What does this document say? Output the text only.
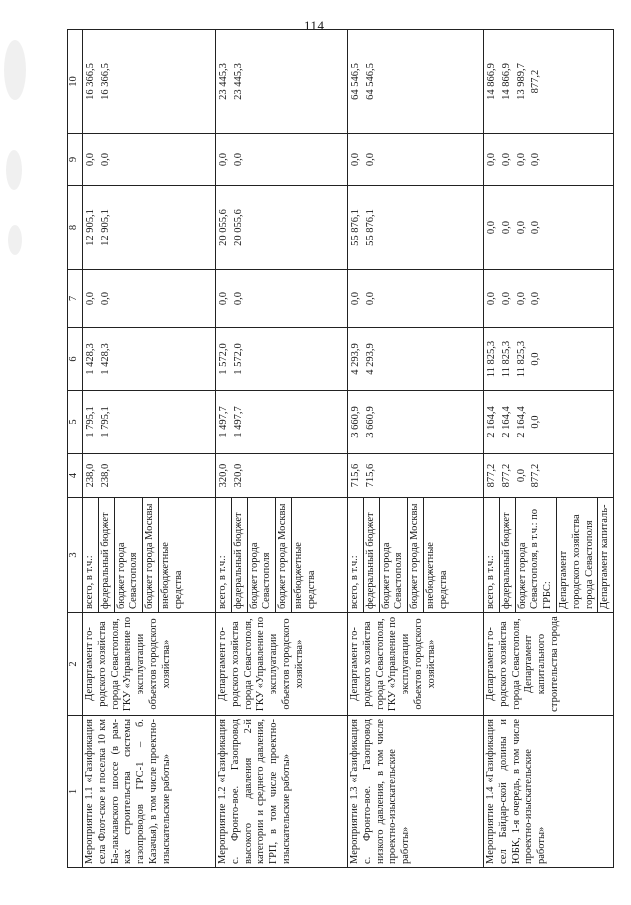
114
1	2	3	4	5	6	7	8	9	10
Мероприятие 1.1 «Газификация села Флот-ское и поселка 10 км Ба-лаклавского шоссе (в рам-ках строительства системы газопроводов ГРС-1 – б. Казачья), в том числе проектно-изыскательские работы»	Департамент го-родского хозяйства города Севастополя, ГКУ «Управление по эксплуатации объектов городского хозяйства»	всего, в т.ч.: федеральный бюджет бюджет города Севастополя бюджет города Москвы внебюджетные средства	238,0 238,0	1 795,1 1 795,1	1 428,3 1 428,3	0,0 0,0	12 905,1 12 905,1	0,0 0,0	16 366,5 16 366,5

Мероприятие 1.2 «Газификация с. Фронто-вое. Газопровод высокого давления 2-й категории и среднего давления, ГРП, в том числе проектно-изыскательские работы»	Департамент го-родского хозяйства города Севастополя, ГКУ «Управление по эксплуатации объектов городского хозяйства»	всего, в т.ч.: федеральный бюджет бюджет города Севастополя бюджет города Москвы внебюджетные средства	320,0 320,0	1 497,7 1 497,7	1 572,0 1 572,0	0,0 0,0	20 055,6 20 055,6	0,0 0,0	23 445,3 23 445,3

Мероприятие 1.3 «Газификация с. Фронто-вое. Газопровод низкого давления, в том числе проектно-изыскательские работы»	Департамент го-родского хозяйства города Севастополя, ГКУ «Управление по эксплуатации объектов городского хозяйства»	всего, в т.ч.: федеральный бюджет бюджет города Севастополя бюджет города Москвы внебюджетные средства	715,6 715,6	3 660,9 3 660,9	4 293,9 4 293,9	0,0 0,0	55 876,1 55 876,1	0,0 0,0	64 546,5 64 546,5

Мероприятие 1.4 «Газификация сел Байдар-ской долины и ЮБК, 1-я очередь, в том числе проектно-изыскательские работы»	Департамент го-родского хозяйства города Севастополя, Департамент капитального строительства города	всего, в т.ч.: федеральный бюджет бюджет города Севастополя, в т.ч.: по ГРБС: Департамент городского хозяйства города Севастополя Департамент капиталь-	877,2 877,2 0,0 877,2	2 164,4 2 164,4 2 164,4 0,0	11 825,3 11 825,3 11 825,3 0,0	0,0 0,0 0,0 0,0	0,0 0,0 0,0 0,0	0,0 0,0 0,0 0,0	14 866,9 14 866,9 13 989,7 877,2
